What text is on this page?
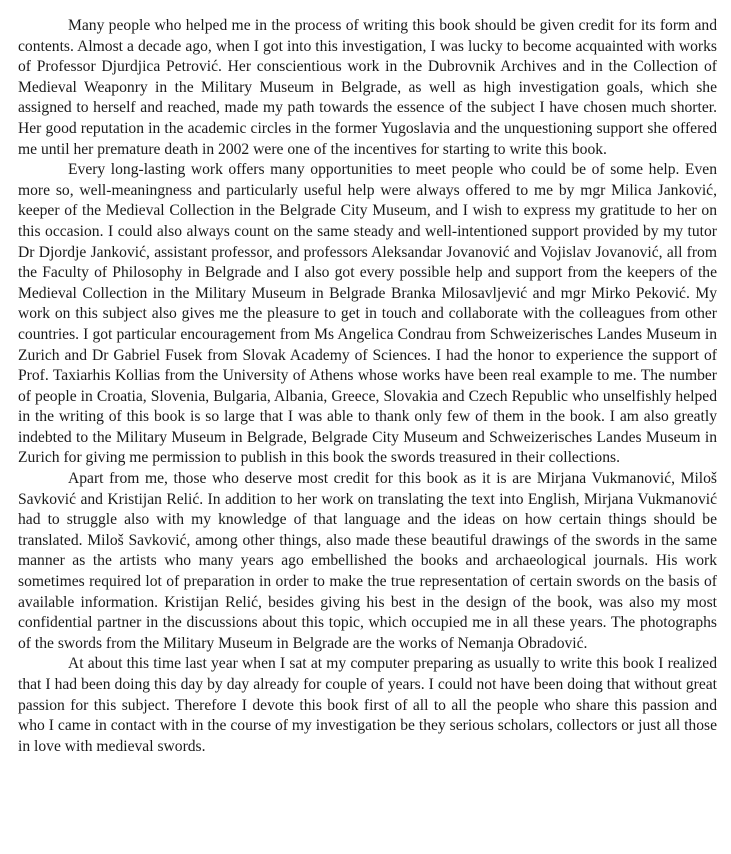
Many people who helped me in the process of writing this book should be given credit for its form and contents. Almost a decade ago, when I got into this investigation, I was lucky to become acquainted with works of Professor Djurdjica Petrović. Her conscientious work in the Dubrovnik Archives and in the Collection of Medieval Weaponry in the Military Museum in Belgrade, as well as high investigation goals, which she assigned to herself and reached, made my path towards the essence of the subject I have chosen much shorter. Her good reputation in the academic circles in the former Yugoslavia and the unquestioning support she offered me until her premature death in 2002 were one of the incentives for starting to write this book.

Every long-lasting work offers many opportunities to meet people who could be of some help. Even more so, well-meaningness and particularly useful help were always offered to me by mgr Milica Janković, keeper of the Medieval Collection in the Belgrade City Museum, and I wish to express my gratitude to her on this occasion. I could also always count on the same steady and well-intentioned support provided by my tutor Dr Djordje Janković, assistant professor, and professors Aleksandar Jovanović and Vojislav Jovanović, all from the Faculty of Philosophy in Belgrade and I also got every possible help and support from the keepers of the Medieval Collection in the Military Museum in Belgrade Branka Milosavljević and mgr Mirko Peković. My work on this subject also gives me the pleasure to get in touch and collaborate with the colleagues from other countries. I got particular encouragement from Ms Angelica Condrau from Schweizerisches Landes Museum in Zurich and Dr Gabriel Fusek from Slovak Academy of Sciences. I had the honor to experience the support of Prof. Taxiarhis Kollias from the University of Athens whose works have been real example to me. The number of people in Croatia, Slovenia, Bulgaria, Albania, Greece, Slovakia and Czech Republic who unselfishly helped in the writing of this book is so large that I was able to thank only few of them in the book. I am also greatly indebted to the Military Museum in Belgrade, Belgrade City Museum and Schweizerisches Landes Museum in Zurich for giving me permission to publish in this book the swords treasured in their collections.

Apart from me, those who deserve most credit for this book as it is are Mirjana Vukmanović, Miloš Savković and Kristijan Relić. In addition to her work on translating the text into English, Mirjana Vukmanović had to struggle also with my knowledge of that language and the ideas on how certain things should be translated. Miloš Savković, among other things, also made these beautiful drawings of the swords in the same manner as the artists who many years ago embellished the books and archaeological journals. His work sometimes required lot of preparation in order to make the true representation of certain swords on the basis of available information. Kristijan Relić, besides giving his best in the design of the book, was also my most confidential partner in the discussions about this topic, which occupied me in all these years. The photographs of the swords from the Military Museum in Belgrade are the works of Nemanja Obradović.

At about this time last year when I sat at my computer preparing as usually to write this book I realized that I had been doing this day by day already for couple of years. I could not have been doing that without great passion for this subject. Therefore I devote this book first of all to all the people who share this passion and who I came in contact with in the course of my investigation be they serious scholars, collectors or just all those in love with medieval swords.
